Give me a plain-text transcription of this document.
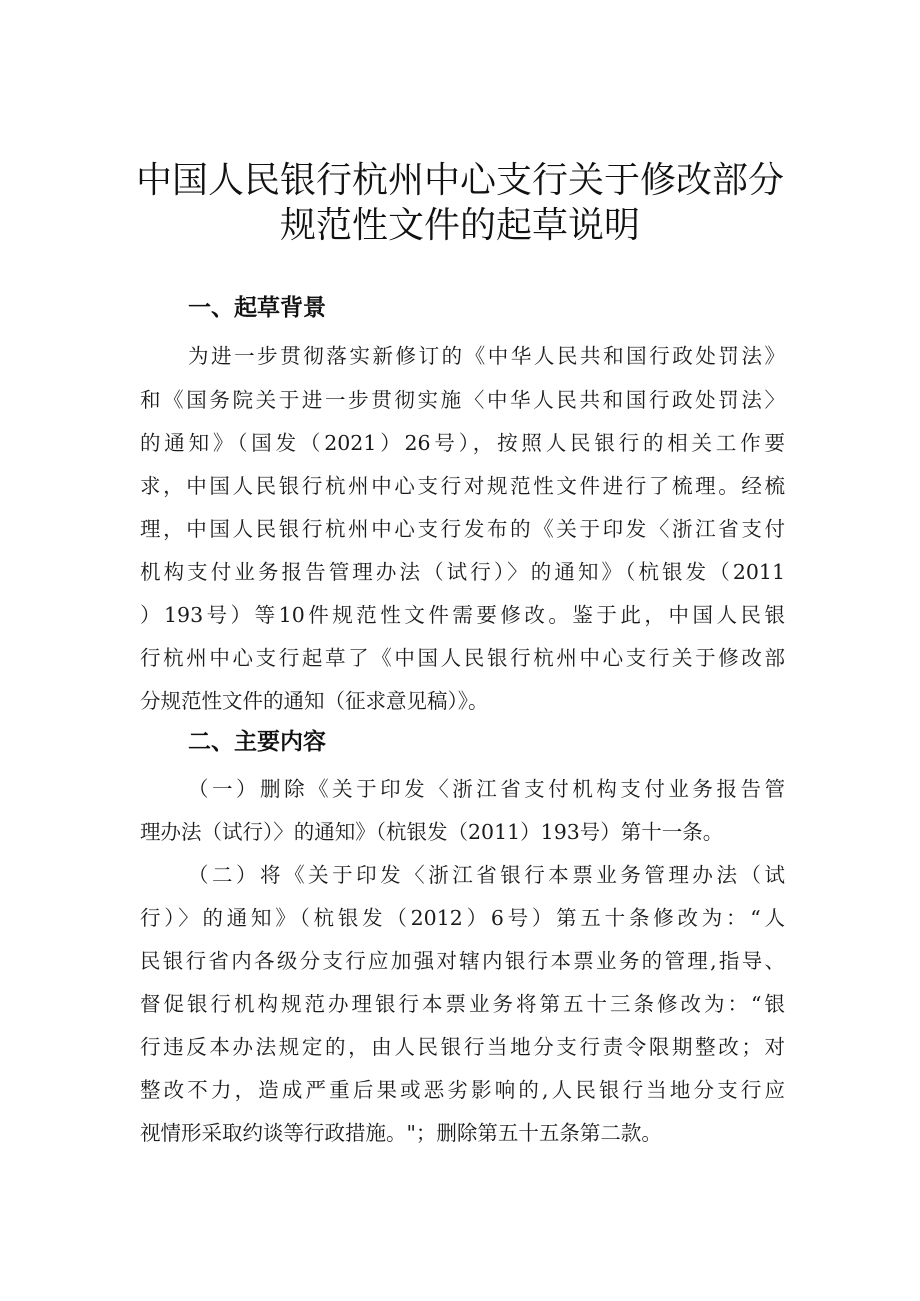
中国人民银行杭州中心支行关于修改部分
规范性文件的起草说明
一、起草背景

为进一步贯彻落实新修订的《中华人民共和国行政处罚法》

和《国务院关于进一步贯彻实施〈中华人民共和国行政处罚法〉

的通知》（国发（2021）26号），按照人民银行的相关工作要

求，中国人民银行杭州中心支行对规范性文件进行了梳理。经梳

理，中国人民银行杭州中心支行发布的《关于印发〈浙江省支付

机构支付业务报告管理办法（试行）〉的通知》（杭银发（2011

）193号）等10件规范性文件需要修改。鉴于此，中国人民银

行杭州中心支行起草了《中国人民银行杭州中心支行关于修改部

分规范性文件的通知（征求意见稿）》。

二、主要内容

（一）删除《关于印发〈浙江省支付机构支付业务报告管

理办法（试行）〉的通知》（杭银发（2011）193号）第十一条。

（二）将《关于印发〈浙江省银行本票业务管理办法（试

行）〉的通知》（杭银发（2012）6号）第五十条修改为：“人

民银行省内各级分支行应加强对辖内银行本票业务的管理,指导、

督促银行机构规范办理银行本票业务将第五十三条修改为：“银

行违反本办法规定的，由人民银行当地分支行责令限期整改；对

整改不力，造成严重后果或恶劣影响的,人民银行当地分支行应

视情形采取约谈等行政措施。"；删除第五十五条第二款。
